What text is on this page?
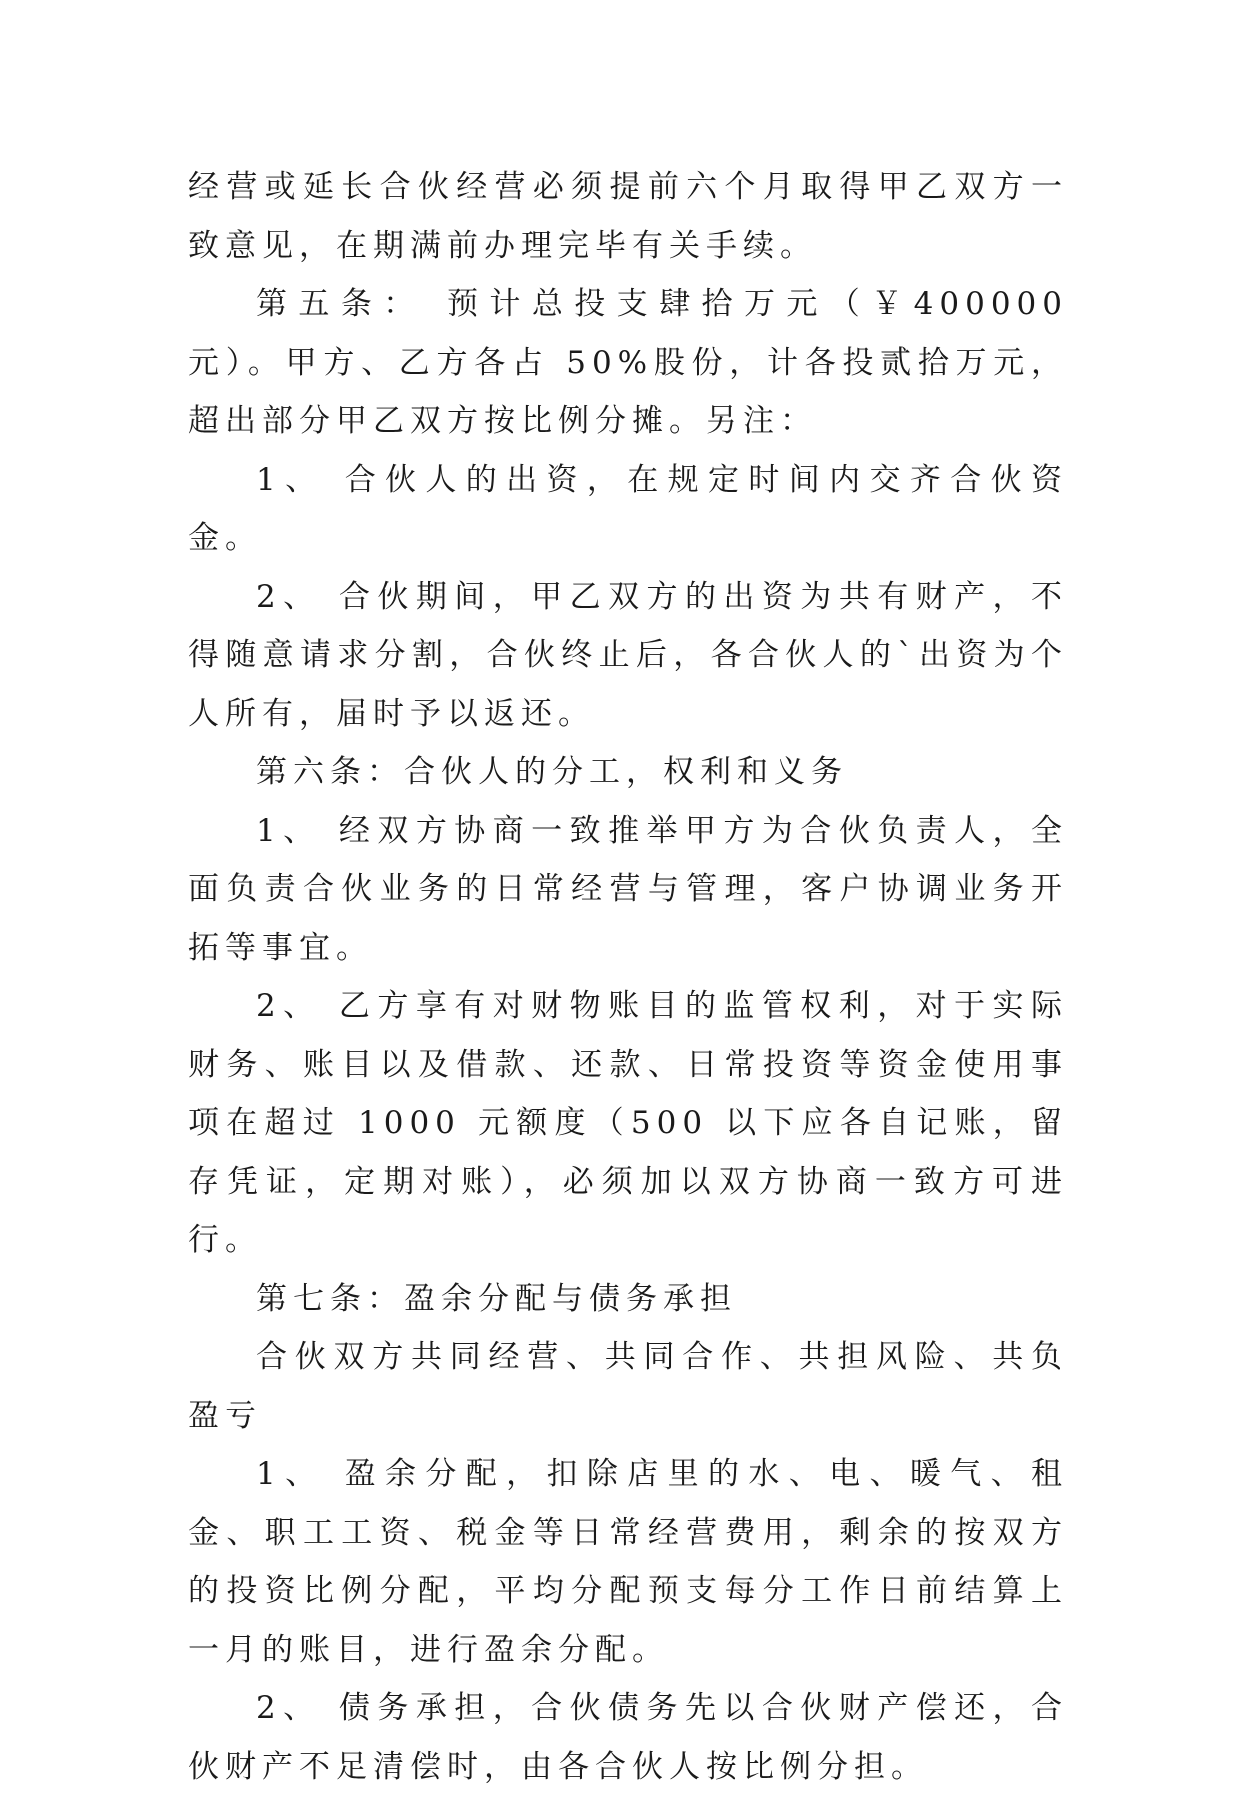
经营或延长合伙经营必须提前六个月取得甲乙双方一致意见，在期满前办理完毕有关手续。

第五条： 预计总投支肆拾万元（￥400000 元）。甲方、乙方各占 50%股份，计各投贰拾万元，超出部分甲乙双方按比例分摊。另注：

1、 合伙人的出资，在规定时间内交齐合伙资金。

2、 合伙期间，甲乙双方的出资为共有财产，不得随意请求分割，合伙终止后，各合伙人的`出资为个人所有，届时予以返还。

第六条：合伙人的分工，权利和义务

1、 经双方协商一致推举甲方为合伙负责人，全面负责合伙业务的日常经营与管理，客户协调业务开拓等事宜。

2、 乙方享有对财物账目的监管权利，对于实际财务、账目以及借款、还款、日常投资等资金使用事项在超过 1000 元额度（500 以下应各自记账，留存凭证，定期对账），必须加以双方协商一致方可进行。

第七条：盈余分配与债务承担

合伙双方共同经营、共同合作、共担风险、共负盈亏

1、 盈余分配，扣除店里的水、电、暖气、租金、职工工资、税金等日常经营费用，剩余的按双方的投资比例分配，平均分配预支每分工作日前结算上一月的账目，进行盈余分配。

2、 债务承担，合伙债务先以合伙财产偿还，合伙财产不足清偿时，由各合伙人按比例分担。
